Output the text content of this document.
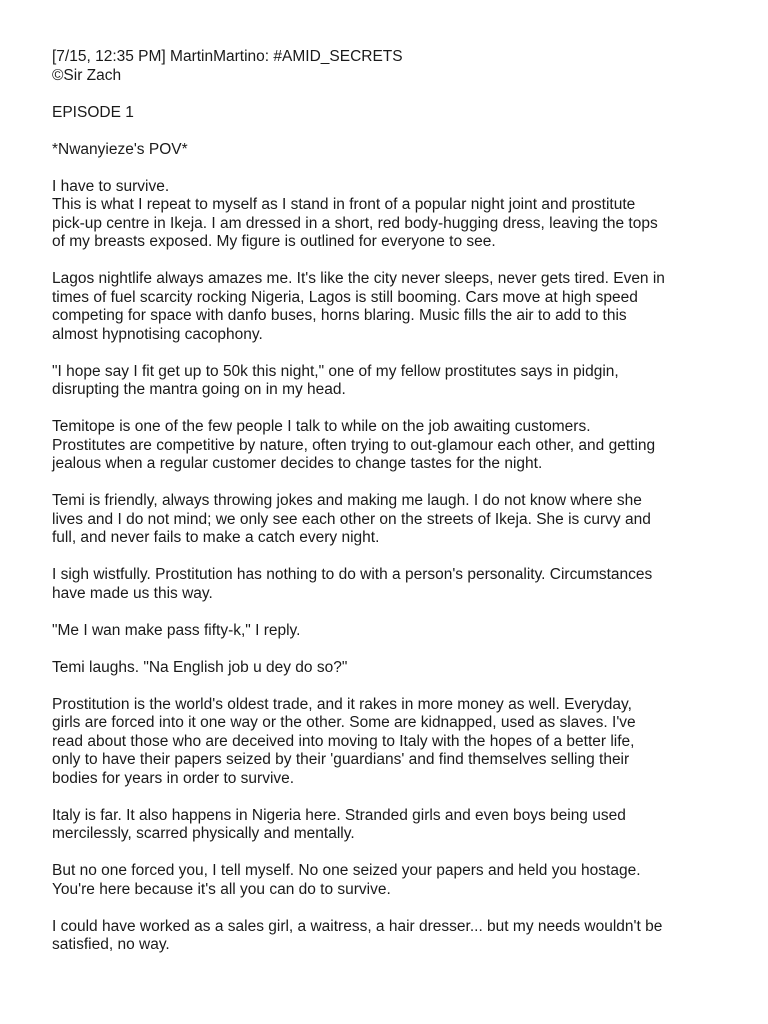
[7/15, 12:35 PM] MartinMartino: #AMID_SECRETS
©Sir Zach
EPISODE 1
*Nwanyieze's POV*
I have to survive.
This is what I repeat to myself as I stand in front of a popular night joint and prostitute
pick-up centre in Ikeja. I am dressed in a short, red body-hugging dress, leaving the tops
of my breasts exposed. My figure is outlined for everyone to see.
Lagos nightlife always amazes me. It's like the city never sleeps, never gets tired. Even in
times of fuel scarcity rocking Nigeria, Lagos is still booming. Cars move at high speed
competing for space with danfo buses, horns blaring. Music fills the air to add to this
almost hypnotising cacophony.
"I hope say I fit get up to 50k this night," one of my fellow prostitutes says in pidgin,
disrupting the mantra going on in my head.
Temitope is one of the few people I talk to while on the job awaiting customers.
Prostitutes are competitive by nature, often trying to out-glamour each other, and getting
jealous when a regular customer decides to change tastes for the night.
Temi is friendly, always throwing jokes and making me laugh. I do not know where she
lives and I do not mind; we only see each other on the streets of Ikeja. She is curvy and
full, and never fails to make a catch every night.
I sigh wistfully. Prostitution has nothing to do with a person's personality. Circumstances
have made us this way.
"Me I wan make pass fifty-k," I reply.
Temi laughs. "Na English job u dey do so?"
Prostitution is the world's oldest trade, and it rakes in more money as well. Everyday,
girls are forced into it one way or the other. Some are kidnapped, used as slaves. I've
read about those who are deceived into moving to Italy with the hopes of a better life,
only to have their papers seized by their 'guardians' and find themselves selling their
bodies for years in order to survive.
Italy is far. It also happens in Nigeria here. Stranded girls and even boys being used
mercilessly, scarred physically and mentally.
But no one forced you, I tell myself. No one seized your papers and held you hostage.
You're here because it's all you can do to survive.
I could have worked as a sales girl, a waitress, a hair dresser... but my needs wouldn't be
satisfied, no way.
